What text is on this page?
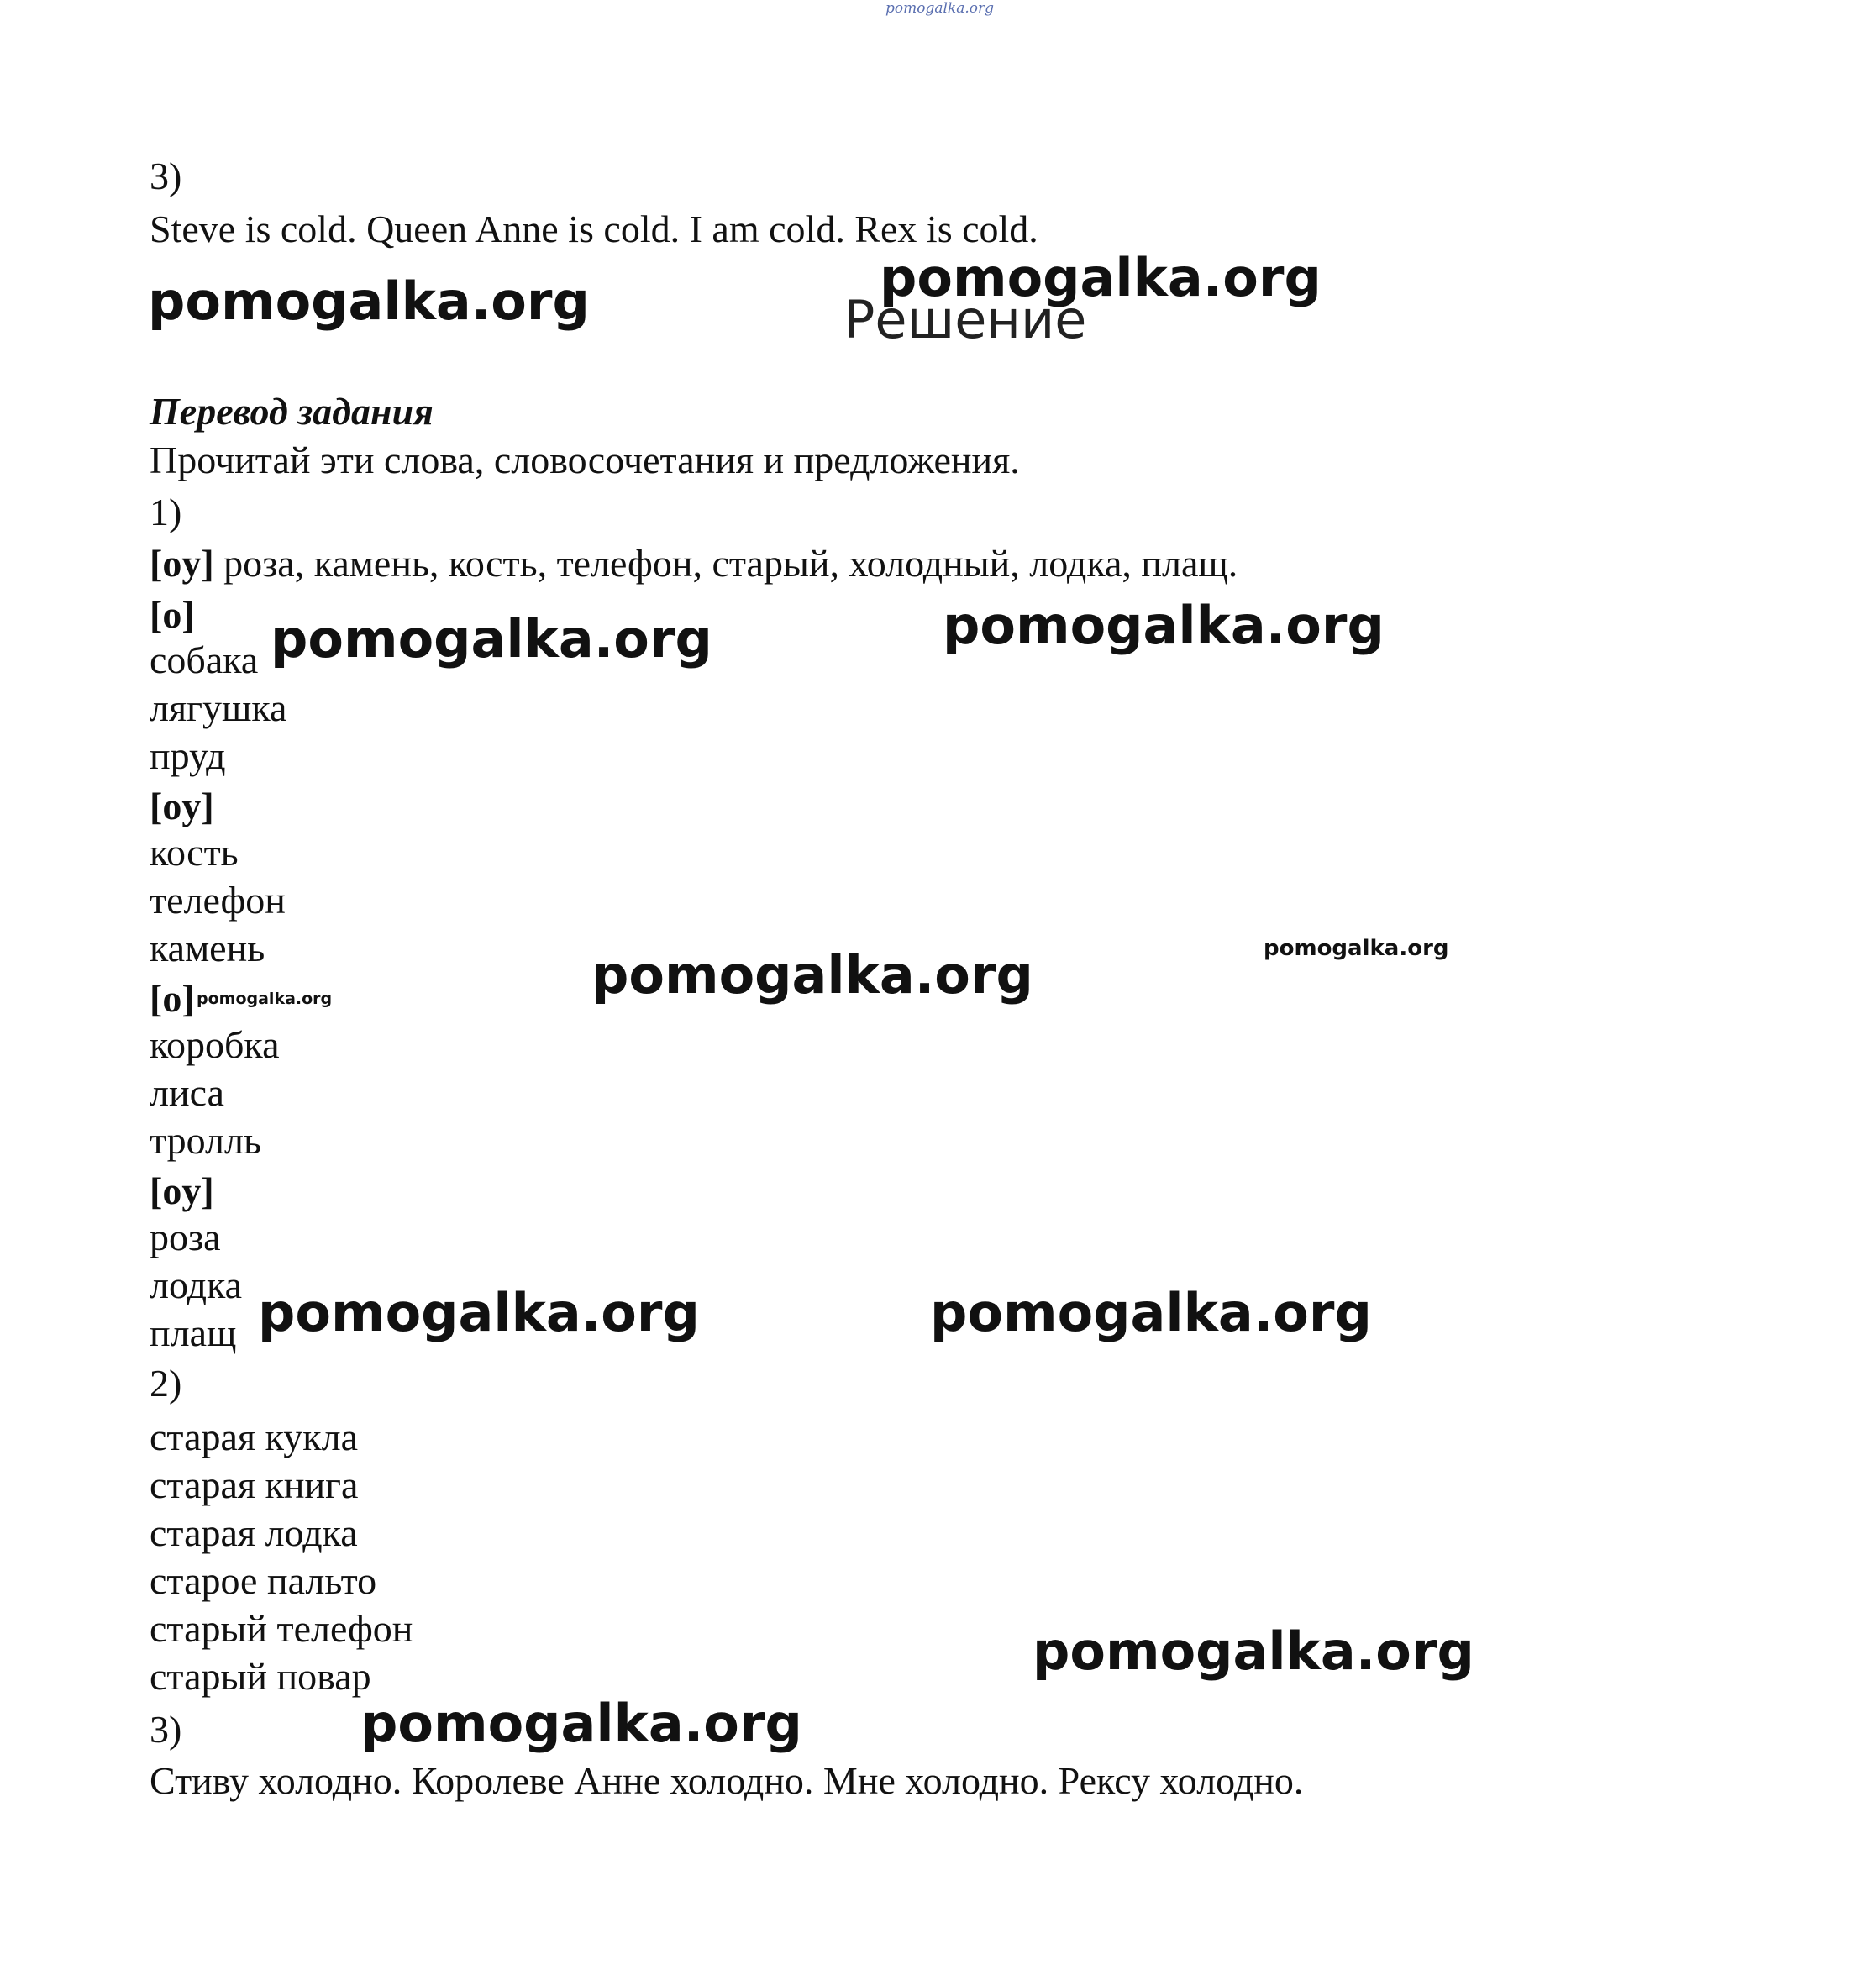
pomogalka.org

3)

Steve is cold. Queen Anne is cold. I am cold. Rex is cold.

Решение

Перевод задания

Прочитай эти слова, словосочетания и предложения.

1)

[oy] роза, камень, кость, телефон, старый, холодный, лодка, плащ.

[o]

собака

лягушка

пруд

[oy]

кость

телефон

камень

[o]

коробка

лиса

тролль

[oy]

роза

лодка

плащ

2)

старая кукла

старая книга

старая лодка

старое пальто

старый телефон

старый повар

3)

Стиву холодно. Королеве Анне холодно. Мне холодно. Рексу холодно.

pomogalka.org	pomogalka.org
pomogalka.org	pomogalka.org
pomogalka.org
pomogalka.org
pomogalka.org
pomogalka.org	pomogalka.org
pomogalka.org
pomogalka.org
